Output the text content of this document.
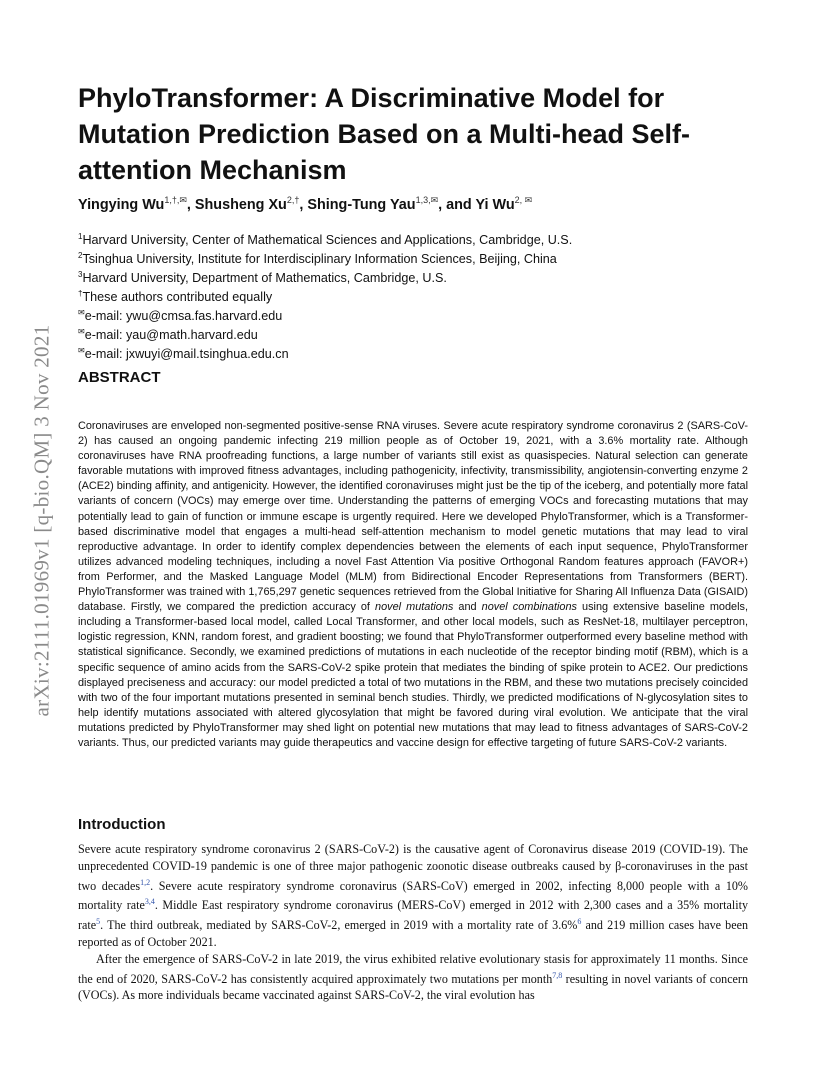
arXiv:2111.01969v1 [q-bio.QM] 3 Nov 2021
PhyloTransformer: A Discriminative Model for Mutation Prediction Based on a Multi-head Self-attention Mechanism
Yingying $Wu^{1,\dagger,✉}$, Shusheng $Xu^{2,\dagger}$, Shing-Tung Yau$^{1,3,✉}$, and Yi $Wu^{2, ✉}$
$^1$Harvard University, Center of Mathematical Sciences and Applications, Cambridge, U.S.
$^2$Tsinghua University, Institute for Interdisciplinary Information Sciences, Beijing, China
$^3$Harvard University, Department of Mathematics, Cambridge, U.S.
†These authors contributed equally
✉e-mail: ywu@cmsa.fas.harvard.edu
✉e-mail: yau@math.harvard.edu
✉e-mail: jxwuyi@mail.tsinghua.edu.cn
ABSTRACT

Coronaviruses are enveloped non-segmented positive-sense RNA viruses. Severe acute respiratory syndrome coronavirus 2 (SARS-CoV-2) has caused an ongoing pandemic infecting 219 million people as of October 19, 2021, with a 3.6% mortality rate. Although coronaviruses have RNA proofreading functions, a large number of variants still exist as quasispecies. Natural selection can generate favorable mutations with improved fitness advantages, including pathogenicity, infectivity, transmissibility, angiotensin-converting enzyme 2 (ACE2) binding affinity, and antigenicity. However, the identified coronaviruses might just be the tip of the iceberg, and potentially more fatal variants of concern (VOCs) may emerge over time. Understanding the patterns of emerging VOCs and forecasting mutations that may potentially lead to gain of function or immune escape is urgently required. Here we developed PhyloTransformer, which is a Transformer-based discriminative model that engages a multi-head self-attention mechanism to model genetic mutations that may lead to viral reproductive advantage. In order to identify complex dependencies between the elements of each input sequence, PhyloTransformer utilizes advanced modeling techniques, including a novel Fast Attention Via positive Orthogonal Random features approach (FAVOR+) from Performer, and the Masked Language Model (MLM) from Bidirectional Encoder Representations from Transformers (BERT). PhyloTransformer was trained with 1,765,297 genetic sequences retrieved from the Global Initiative for Sharing All Influenza Data (GISAID) database. Firstly, we compared the prediction accuracy of novel mutations and novel combinations using extensive baseline models, including a Transformer-based local model, called Local Transformer, and other local models, such as ResNet-18, multilayer perceptron, logistic regression, KNN, random forest, and gradient boosting; we found that PhyloTransformer outperformed every baseline method with statistical significance. Secondly, we examined predictions of mutations in each nucleotide of the receptor binding motif (RBM), which is a specific sequence of amino acids from the SARS-CoV-2 spike protein that mediates the binding of spike protein to ACE2. Our predictions displayed preciseness and accuracy: our model predicted a total of two mutations in the RBM, and these two mutations precisely coincided with two of the four important mutations presented in seminal bench studies. Thirdly, we predicted modifications of N-glycosylation sites to help identify mutations associated with altered glycosylation that might be favored during viral evolution. We anticipate that the viral mutations predicted by PhyloTransformer may shed light on potential new mutations that may lead to fitness advantages of SARS-CoV-2 variants. Thus, our predicted variants may guide therapeutics and vaccine design for effective targeting of future SARS-CoV-2 variants.

Introduction

Severe acute respiratory syndrome coronavirus 2 (SARS-CoV-2) is the causative agent of Coronavirus disease 2019 (COVID-19). The unprecedented COVID-19 pandemic is one of three major pathogenic zoonotic disease outbreaks caused by β-coronaviruses in the past two decades$^{1,2}$. Severe acute respiratory syndrome coronavirus (SARS-CoV) emerged in 2002, infecting 8,000 people with a 10% mortality rate$^{3,4}$. Middle East respiratory syndrome coronavirus (MERS-CoV) emerged in 2012 with 2,300 cases and a 35% mortality rate$^5$. The third outbreak, mediated by SARS-CoV-2, emerged in 2019 with a mortality rate of 3.6%$^6$ and 219 million cases have been reported as of October 2021.

After the emergence of SARS-CoV-2 in late 2019, the virus exhibited relative evolutionary stasis for approximately 11 months. Since the end of 2020, SARS-CoV-2 has consistently acquired approximately two mutations per month$^{7,8}$ resulting in novel variants of concern (VOCs). As more individuals became vaccinated against SARS-CoV-2, the viral evolution has
